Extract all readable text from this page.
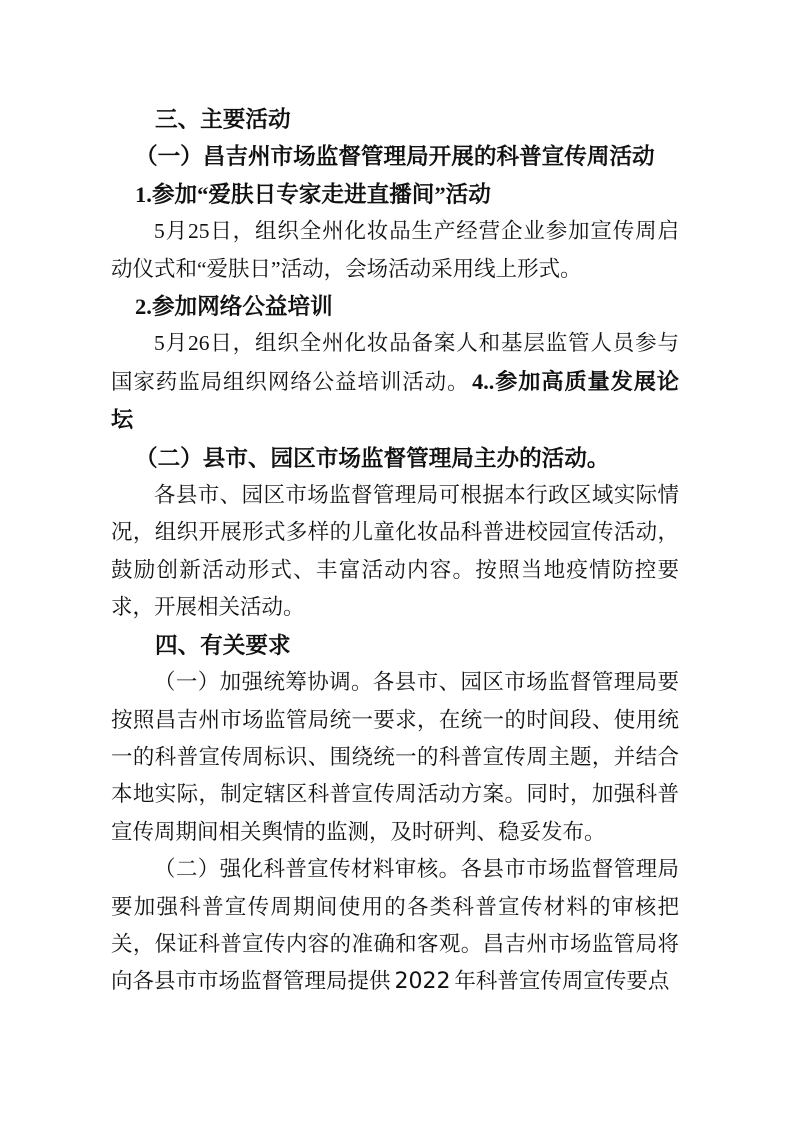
三、主要活动

（一）昌吉州市场监督管理局开展的科普宣传周活动

1.参加“爱肤日专家走进直播间”活动

5月25日，组织全州化妆品生产经营企业参加宣传周启动仪式和“爱肤日”活动，会场活动采用线上形式。

2.参加网络公益培训

5月26日，组织全州化妆品备案人和基层监管人员参与国家药监局组织网络公益培训活动。 4..参加高质量发展论坛

（二）县市、园区市场监督管理局主办的活动。

各县市、园区市场监督管理局可根据本行政区域实际情况，组织开展形式多样的儿童化妆品科普进校园宣传活动，鼓励创新活动形式、丰富活动内容。按照当地疫情防控要求，开展相关活动。

四、有关要求

（一）加强统筹协调。各县市、园区市场监督管理局要按照昌吉州市场监管局统一要求，在统一的时间段、使用统一的科普宣传周标识、围绕统一的科普宣传周主题，并结合本地实际，制定辖区科普宣传周活动方案。同时，加强科普宣传周期间相关舆情的监测，及时研判、稳妥发布。

（二）强化科普宣传材料审核。各县市市场监督管理局要加强科普宣传周期间使用的各类科普宣传材料的审核把关，保证科普宣传内容的准确和客观。昌吉州市场监管局将向各县市市场监督管理局提供 2022 年科普宣传周宣传要点
